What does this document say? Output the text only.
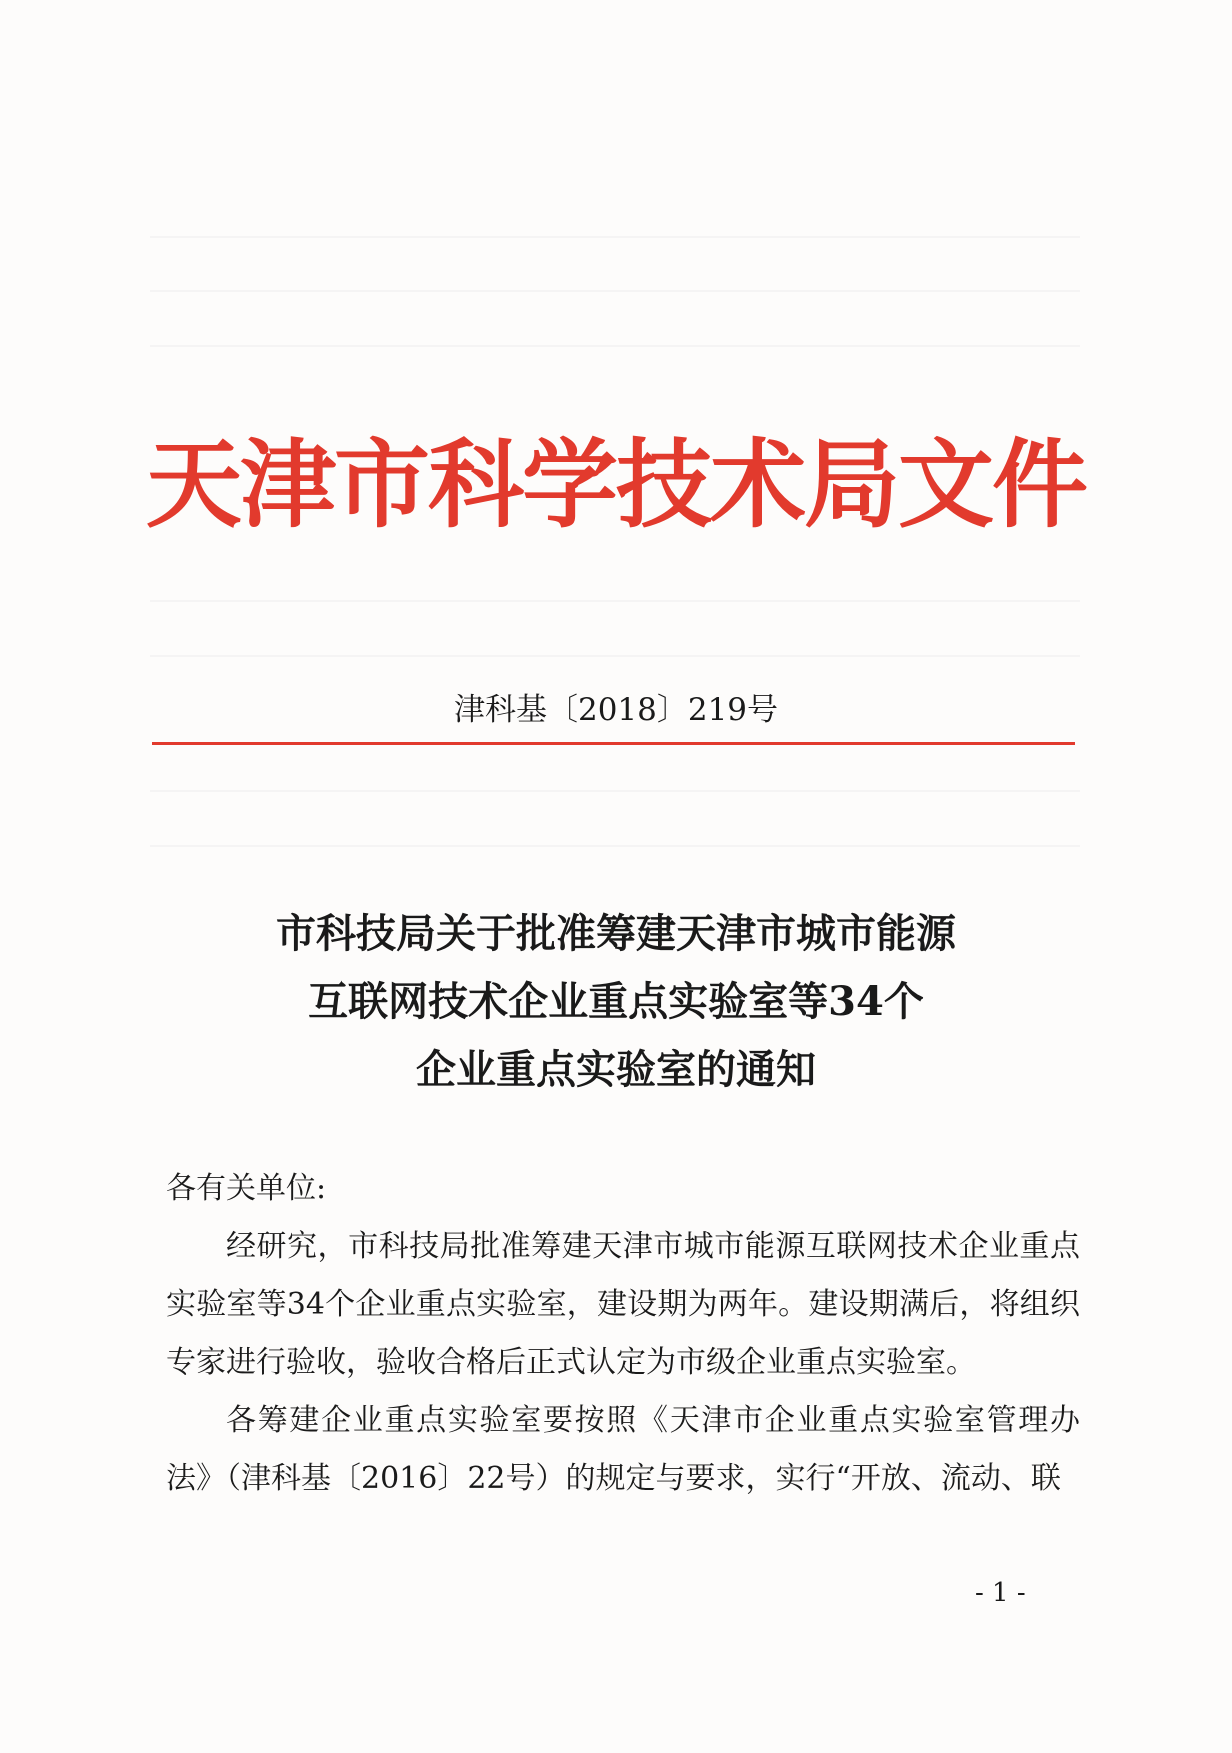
天津市科学技术局文件
津科基〔2018〕219号
市科技局关于批准筹建天津市城市能源
互联网技术企业重点实验室等34个
企业重点实验室的通知

各有关单位:

经研究，市科技局批准筹建天津市城市能源互联网技术企业重点实验室等34个企业重点实验室，建设期为两年。建设期满后，将组织专家进行验收，验收合格后正式认定为市级企业重点实验室。

各筹建企业重点实验室要按照《天津市企业重点实验室管理办法》（津科基〔2016〕22号）的规定与要求，实行“开放、流动、联

- 1 -
